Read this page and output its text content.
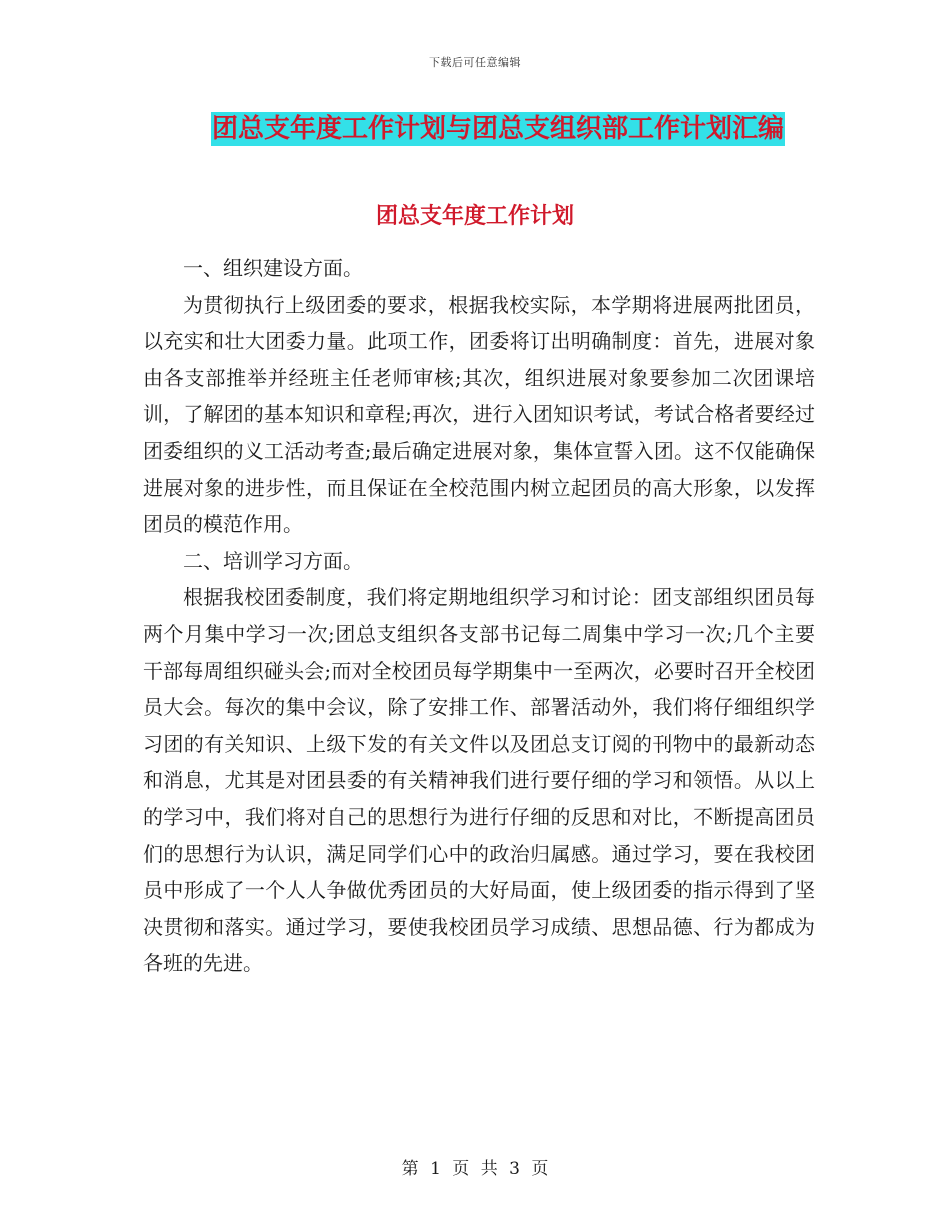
下载后可任意编辑
团总支年度工作计划与团总支组织部工作计划汇编
团总支年度工作计划

一、组织建设方面。

为贯彻执行上级团委的要求，根据我校实际，本学期将进展两批团员，以充实和壮大团委力量。此项工作，团委将订出明确制度：首先，进展对象由各支部推举并经班主任老师审核;其次，组织进展对象要参加二次团课培训，了解团的基本知识和章程;再次，进行入团知识考试，考试合格者要经过团委组织的义工活动考查;最后确定进展对象，集体宣誓入团。这不仅能确保进展对象的进步性，而且保证在全校范围内树立起团员的高大形象，以发挥团员的模范作用。

二、培训学习方面。

根据我校团委制度，我们将定期地组织学习和讨论：团支部组织团员每两个月集中学习一次;团总支组织各支部书记每二周集中学习一次;几个主要干部每周组织碰头会;而对全校团员每学期集中一至两次，必要时召开全校团员大会。每次的集中会议，除了安排工作、部署活动外，我们将仔细组织学习团的有关知识、上级下发的有关文件以及团总支订阅的刊物中的最新动态和消息，尤其是对团县委的有关精神我们进行要仔细的学习和领悟。从以上的学习中，我们将对自己的思想行为进行仔细的反思和对比，不断提高团员们的思想行为认识，满足同学们心中的政治归属感。通过学习，要在我校团员中形成了一个人人争做优秀团员的大好局面，使上级团委的指示得到了坚决贯彻和落实。通过学习，要使我校团员学习成绩、思想品德、行为都成为各班的先进。

第 1 页 共 3 页
